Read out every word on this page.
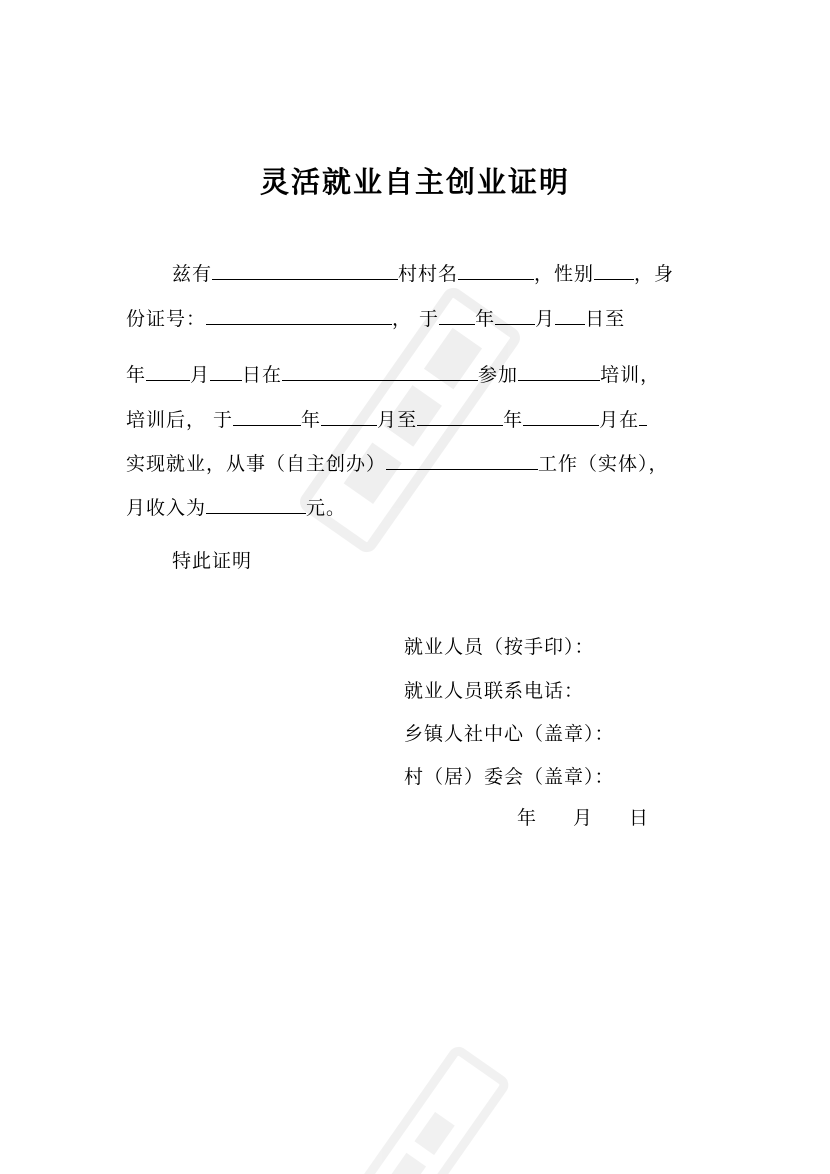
灵活就业自主创业证明
兹有	村村名	，性别 ，身
份证号：	， 于 年 月 日至
年 月 日在	参加	培训，
培训后， 于	年	月至	年	月在
实现就业，从事（自主创办）	工作（实体），
月收入为	元。
特此证明
就业人员（按手印）：
就业人员联系电话：
乡镇人社中心（盖章）：
村（居）委会（盖章）：
年 月 日
